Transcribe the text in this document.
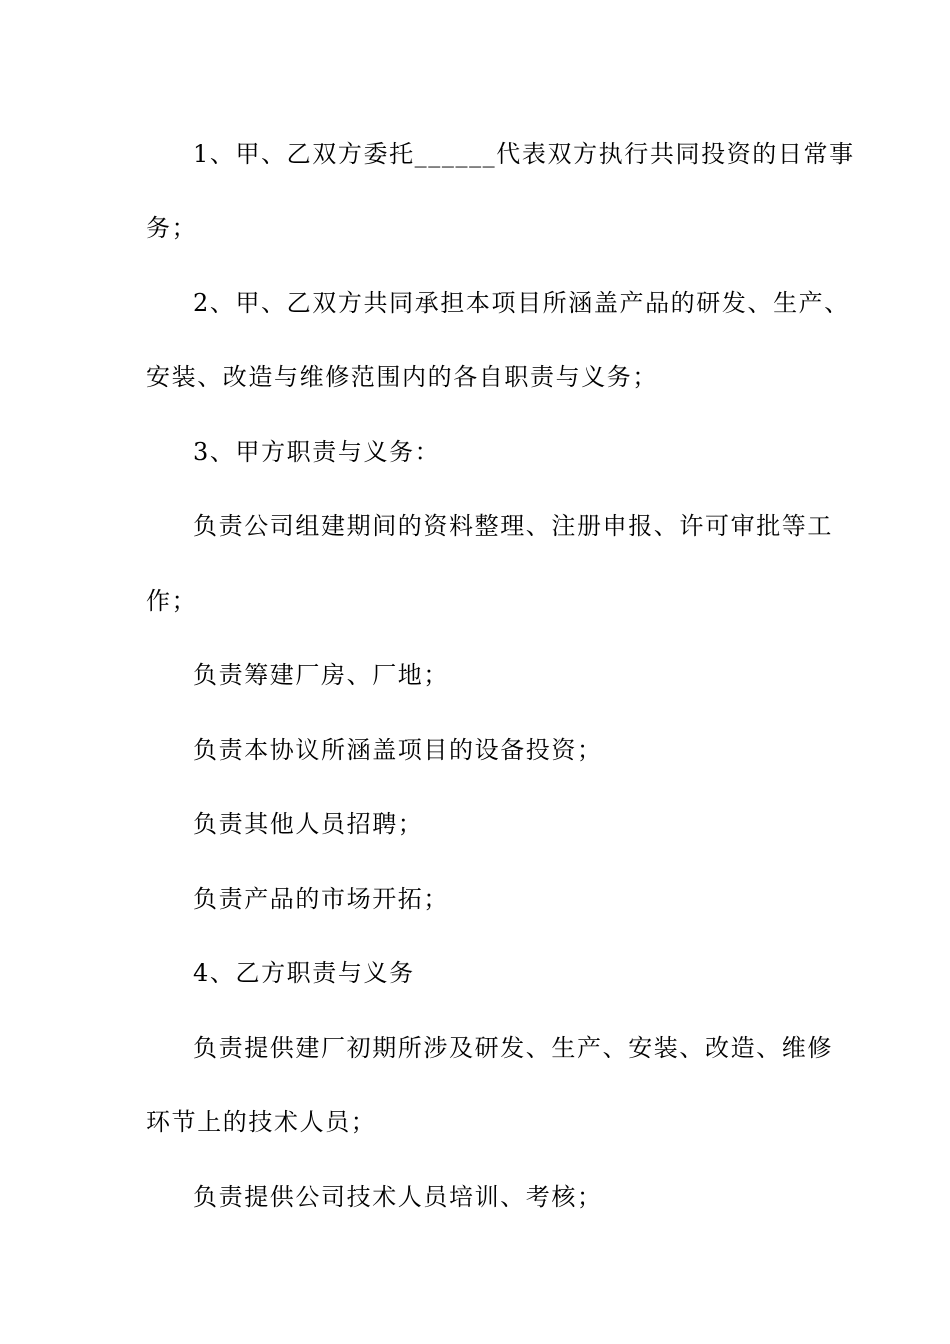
1、甲、乙双方委托______代表双方执行共同投资的日常事
务；
2、甲、乙双方共同承担本项目所涵盖产品的研发、生产、
安装、改造与维修范围内的各自职责与义务；
3、甲方职责与义务：
负责公司组建期间的资料整理、注册申报、许可审批等工
作；
负责筹建厂房、厂地；
负责本协议所涵盖项目的设备投资；
负责其他人员招聘；
负责产品的市场开拓；
4、乙方职责与义务
负责提供建厂初期所涉及研发、生产、安装、改造、维修
环节上的技术人员；
负责提供公司技术人员培训、考核；
